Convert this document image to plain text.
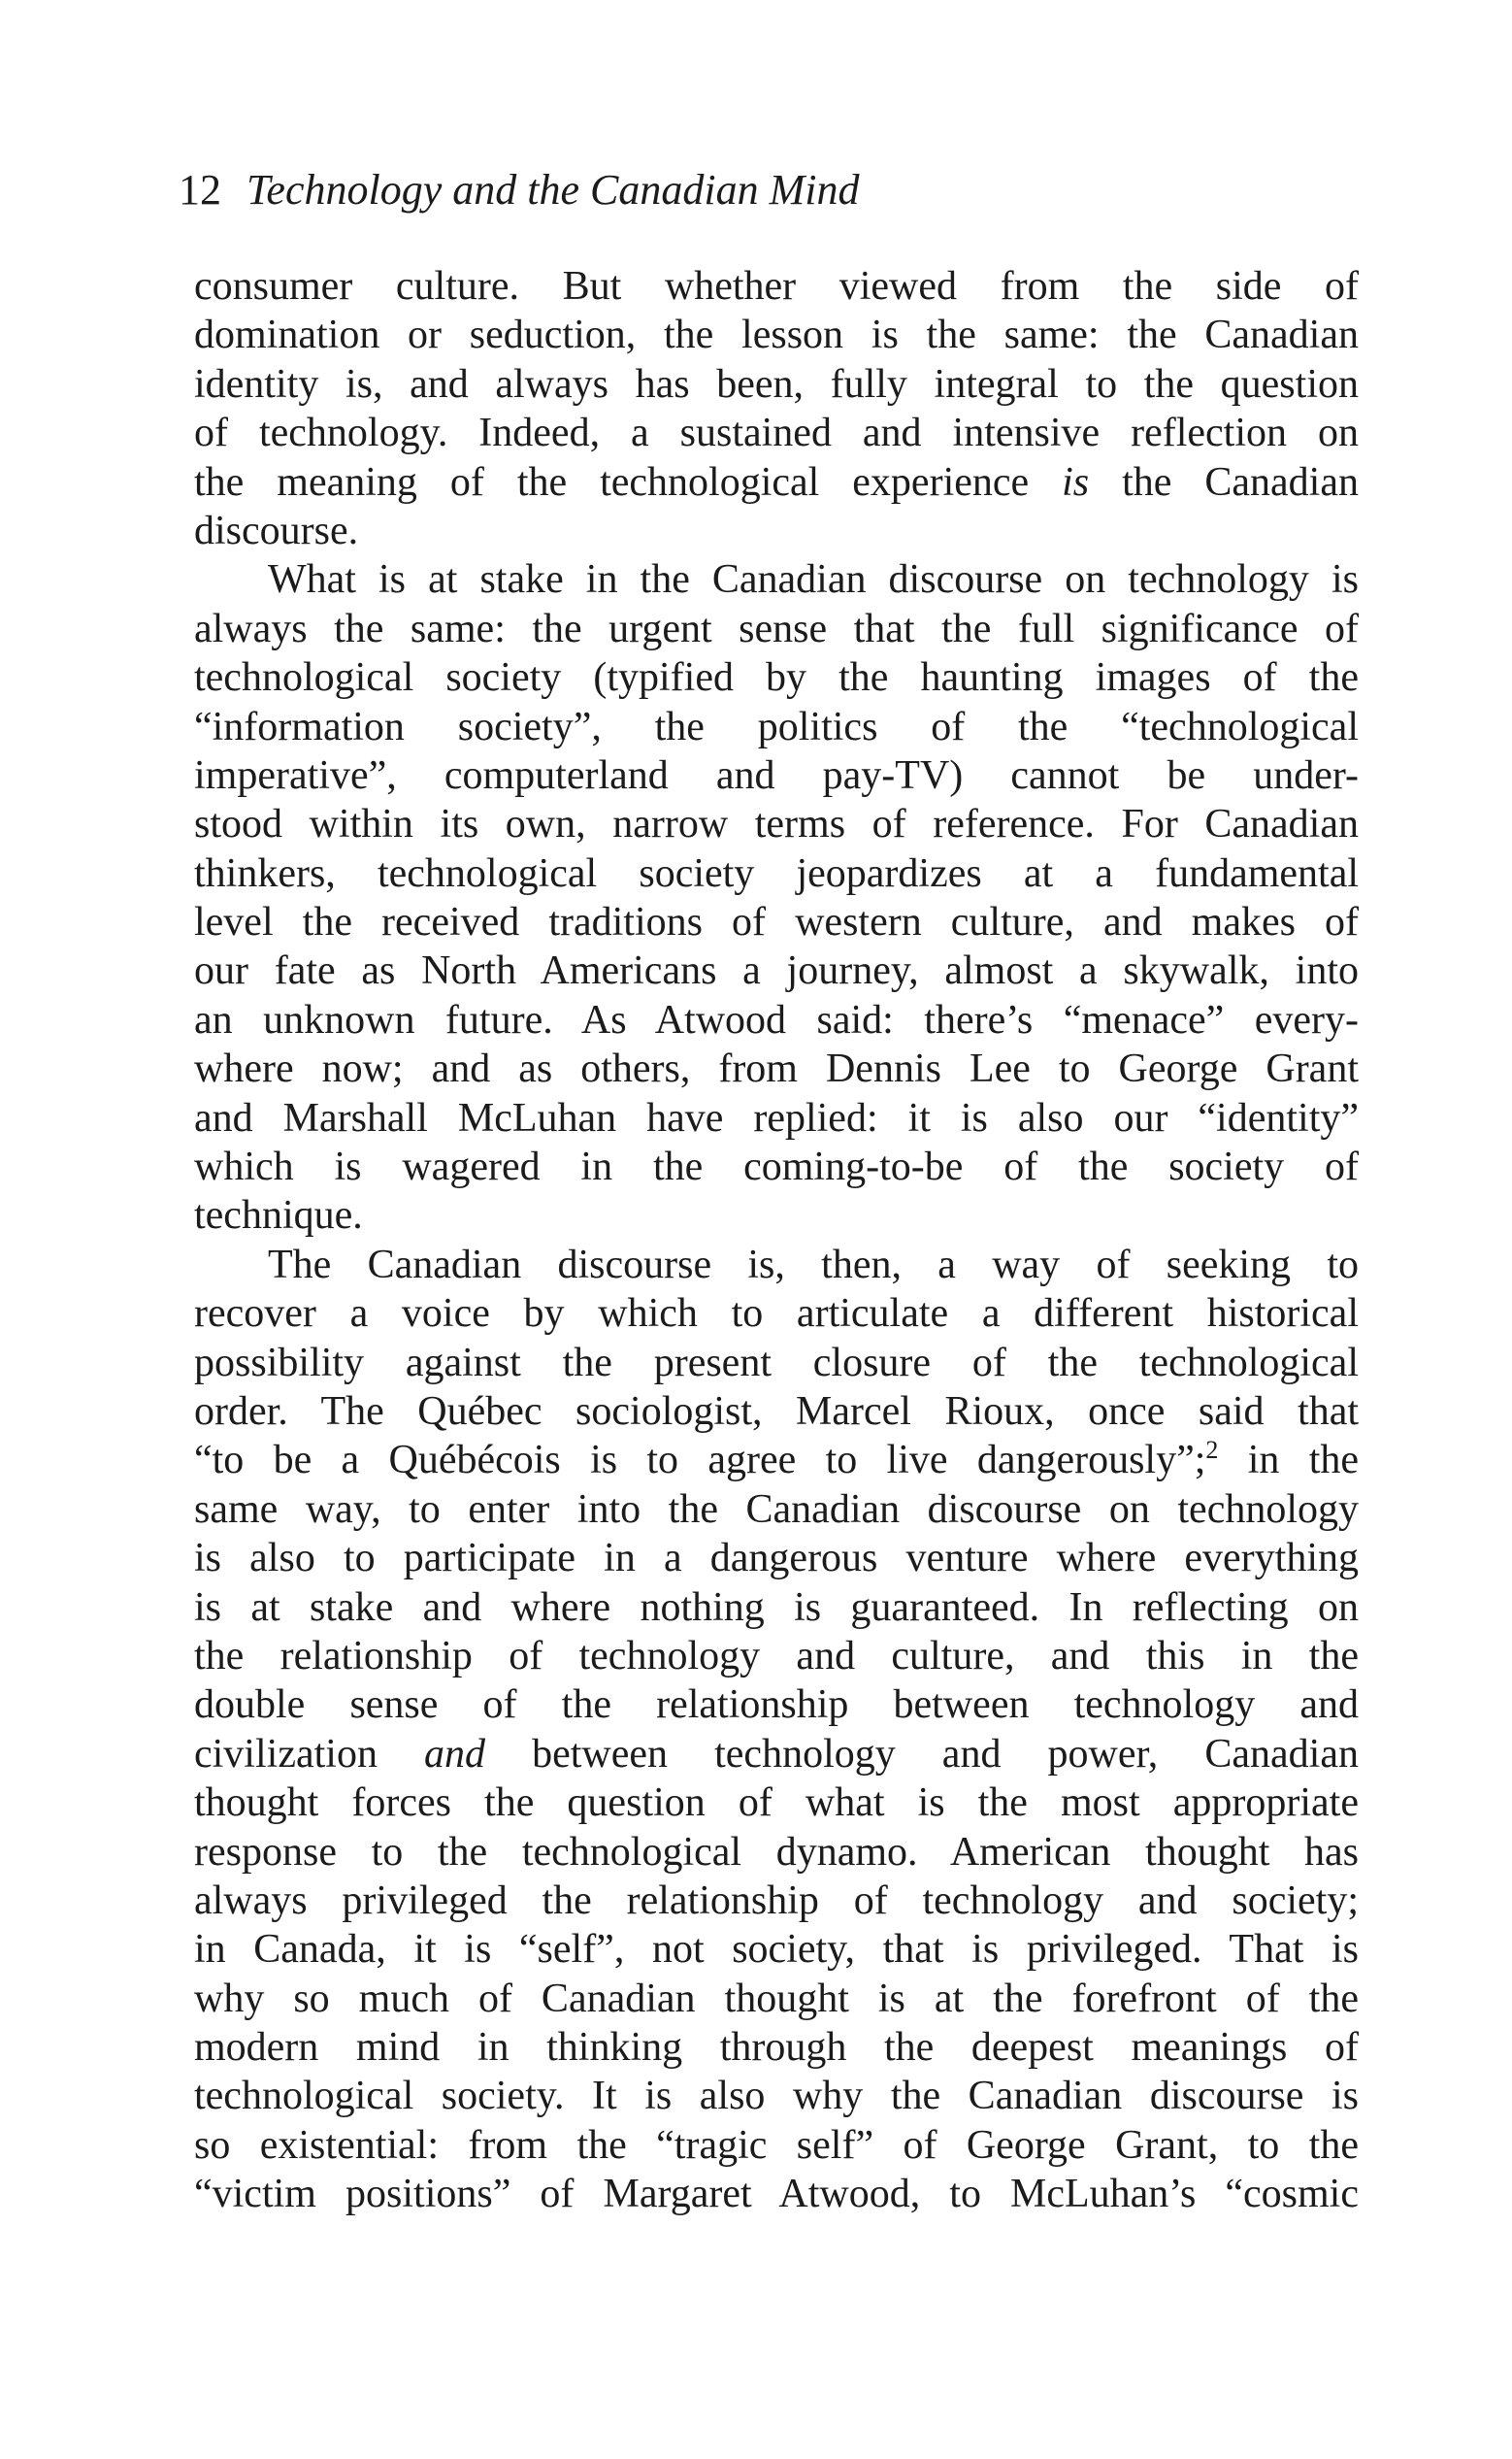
12 Technology and the Canadian Mind
consumer culture. But whether viewed from the side of
domination or seduction, the lesson is the same: the Canadian
identity is, and always has been, fully integral to the question
of technology. Indeed, a sustained and intensive reflection on
the meaning of the technological experience is the Canadian
discourse.
What is at stake in the Canadian discourse on technology is
always the same: the urgent sense that the full significance of
technological society (typified by the haunting images of the
“information society”, the politics of the “technological
imperative”, computerland and pay-TV) cannot be under-
stood within its own, narrow terms of reference. For Canadian
thinkers, technological society jeopardizes at a fundamental
level the received traditions of western culture, and makes of
our fate as North Americans a journey, almost a skywalk, into
an unknown future. As Atwood said: there’s “menace” every-
where now; and as others, from Dennis Lee to George Grant
and Marshall McLuhan have replied: it is also our “identity”
which is wagered in the coming-to-be of the society of
technique.
The Canadian discourse is, then, a way of seeking to
recover a voice by which to articulate a different historical
possibility against the present closure of the technological
order. The Québec sociologist, Marcel Rioux, once said that
“to be a Québécois is to agree to live dangerously”;$^2$ in the
same way, to enter into the Canadian discourse on technology
is also to participate in a dangerous venture where everything
is at stake and where nothing is guaranteed. In reflecting on
the relationship of technology and culture, and this in the
double sense of the relationship between technology and
civilization and between technology and power, Canadian
thought forces the question of what is the most appropriate
response to the technological dynamo. American thought has
always privileged the relationship of technology and society;
in Canada, it is “self”, not society, that is privileged. That is
why so much of Canadian thought is at the forefront of the
modern mind in thinking through the deepest meanings of
technological society. It is also why the Canadian discourse is
so existential: from the “tragic self” of George Grant, to the
“victim positions” of Margaret Atwood, to McLuhan’s “cosmic
